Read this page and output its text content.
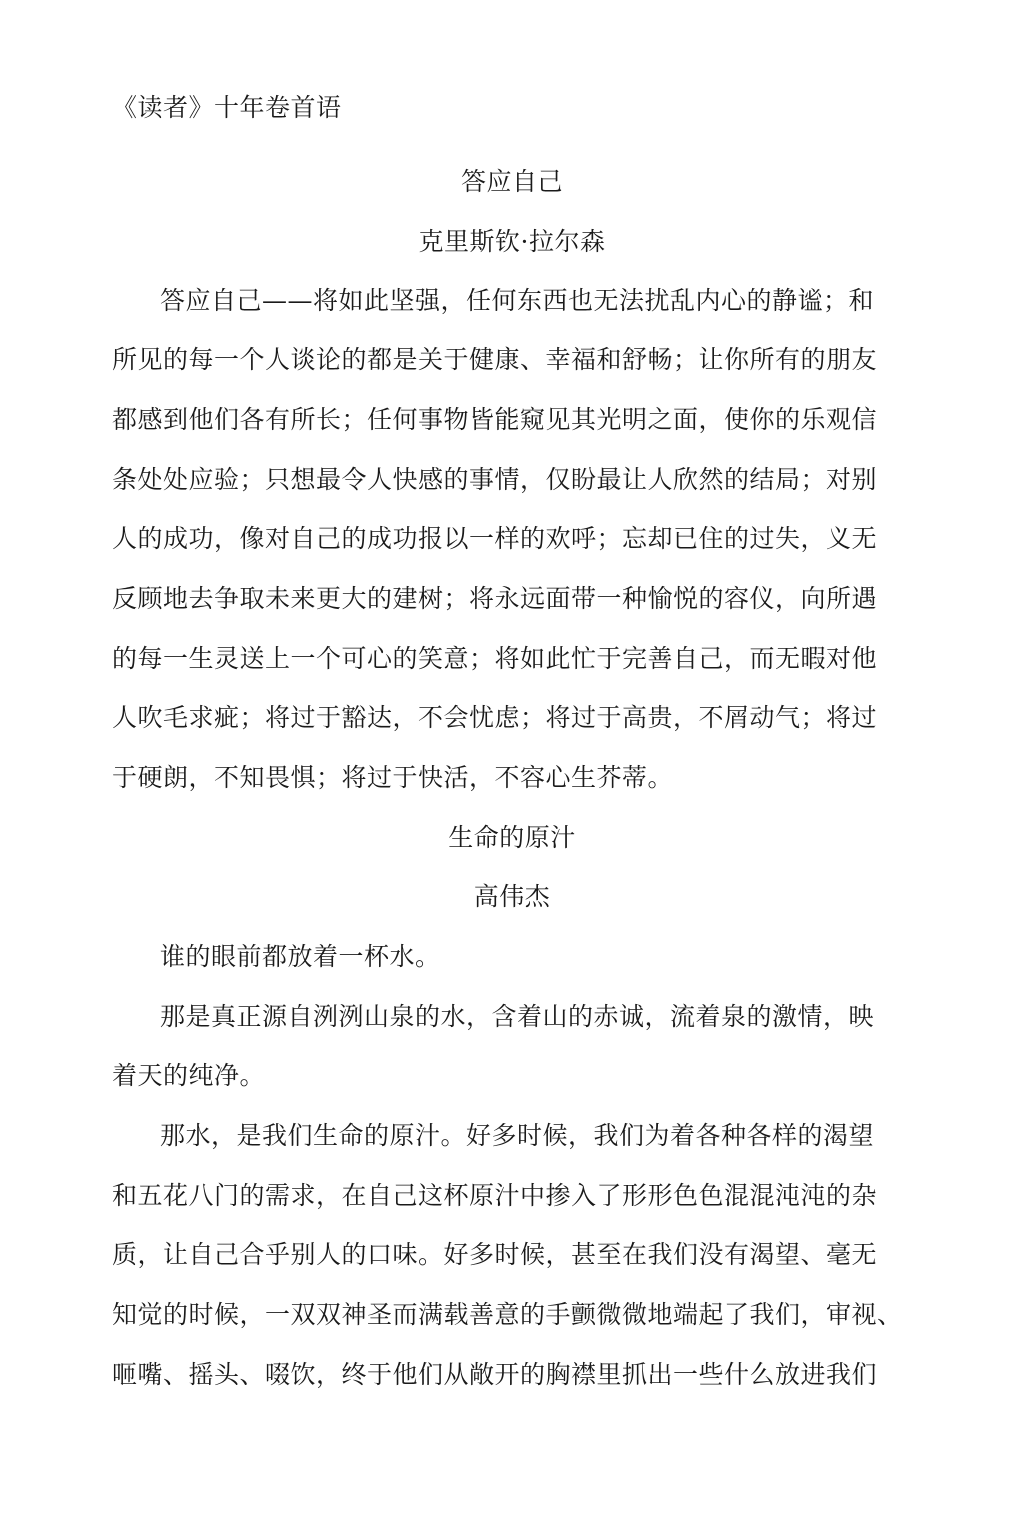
《读者》十年卷首语
答应自己
克里斯钦·拉尔森
答应自己——将如此坚强，任何东西也无法扰乱内心的静谧；和
所见的每一个人谈论的都是关于健康、幸福和舒畅；让你所有的朋友
都感到他们各有所长；任何事物皆能窥见其光明之面，使你的乐观信
条处处应验；只想最令人快感的事情，仅盼最让人欣然的结局；对别
人的成功，像对自己的成功报以一样的欢呼；忘却已住的过失，义无
反顾地去争取未来更大的建树；将永远面带一种愉悦的容仪，向所遇
的每一生灵送上一个可心的笑意；将如此忙于完善自己，而无暇对他
人吹毛求疵；将过于豁达，不会忧虑；将过于高贵，不屑动气；将过
于硬朗，不知畏惧；将过于快活，不容心生芥蒂。
生命的原汁
高伟杰
谁的眼前都放着一杯水。
那是真正源自洌洌山泉的水，含着山的赤诚，流着泉的激情，映
着天的纯净。
那水，是我们生命的原汁。好多时候，我们为着各种各样的渴望
和五花八门的需求，在自己这杯原汁中掺入了形形色色混混沌沌的杂
质，让自己合乎别人的口味。好多时候，甚至在我们没有渴望、毫无
知觉的时候，一双双神圣而满载善意的手颤微微地端起了我们，审视、
咂嘴、摇头、啜饮，终于他们从敞开的胸襟里抓出一些什么放进我们
